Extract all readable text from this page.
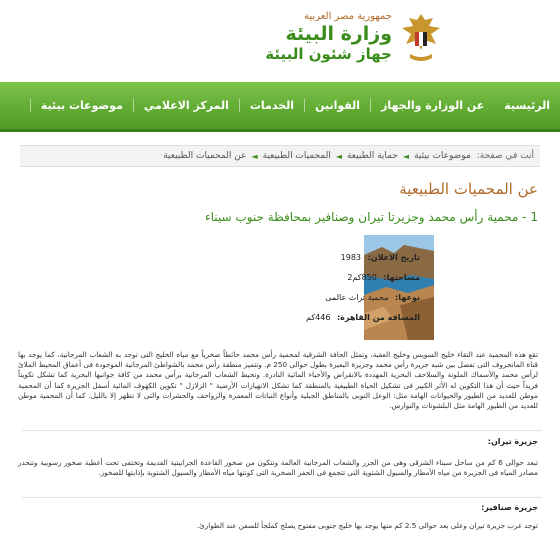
جمهورية مصر العربية
وزارة البيئة
جهاز شئون البيئة
الرئيسية
عن الوزارة والجهاز
القوانين
الخدمات
المركز الاعلامي
موضوعات بيئية
أنت في صفحة:
موضوعات بيئية
◄
حماية الطبيعة
◄
المحميات الطبيعية
◄
عن المحميات الطبيعية
عن المحميات الطبيعية
1 - محمية رأس محمد وجزيرتا تيران وصنافير بمحافظة جنوب سيناء
تاريخ الاعلان: 1983
مساحتها: 850كم2
نوعها: محمية تراث عالمى
المسافة من القاهرة: 446كم
تقع هذه المحمية عند التقاء خليج السويس وخليج العقبة، وتمثل الحافة الشرقية لمحمية رأس محمد حائطاً صخرياً مع مياه الخليج التى توجد به الشعاب المرجانية، كما يوجد بها قناة المانجروف التى تفصل بين شبه جزيرة رأس محمد وجزيرة البعيرة بطول حوالى 250 م. وتتميز منطقة رأس محمد بالشواطئ المرجانية الموجودة فى أعماق المحيط الملائ لرأس محمد والأسماك الملونة والسلاحف البحرية المهددة بالانقراض والأحياء المائية النادرة. وتحيط الشعاب المرجانية برأس محمد من كافة جوانبها البحرية كما تشكل تكويناً فريداً حيث أن هذا التكوين له الأثر الكبير فى تشكيل الحياة الطبيعية بالمنطقة كما تشكل الانهيارات الأرضية " الزلازل " تكوين الكهوف المائية أسفل الجزيرة كما أن المحمية موطن للعديد من الطيور والحيوانات الهامة مثل: الوعل النوبى بالمناطق الجبلية وأنواع النباتات المعمرة والزواحف والحشرات والتى لا تظهر إلا بالليل. كما أن المحمية موطن للعديد من الطيور الهامة مثل البلشونات والنوارس.
جزيرة تيران:
تبعد حوالى 6 كم من ساحل سيناء الشرقى وهى من الجزر والشعاب المرجانية العالمة وتتكون من صخور القاعدة الجرانيتية القديمة وتختفى تحت أغطية صخور رسوبية وتنحدر مصادر المياه فى الجزيرة من مياه الأمطار والسيول الشتوية التى تتجمع فى الحفر الصخرية التى كونتها مياه الأمطار والسيول الشتوية بإذابتها للصخور.
جزيرة صنافير:
توجد غرب جزيرة تيران وعلى بعد حوالى 2.5 كم منها يوجد بها خليج جنوبى مفتوح يصلح كملجأ للسفن عند الطوارئ.
